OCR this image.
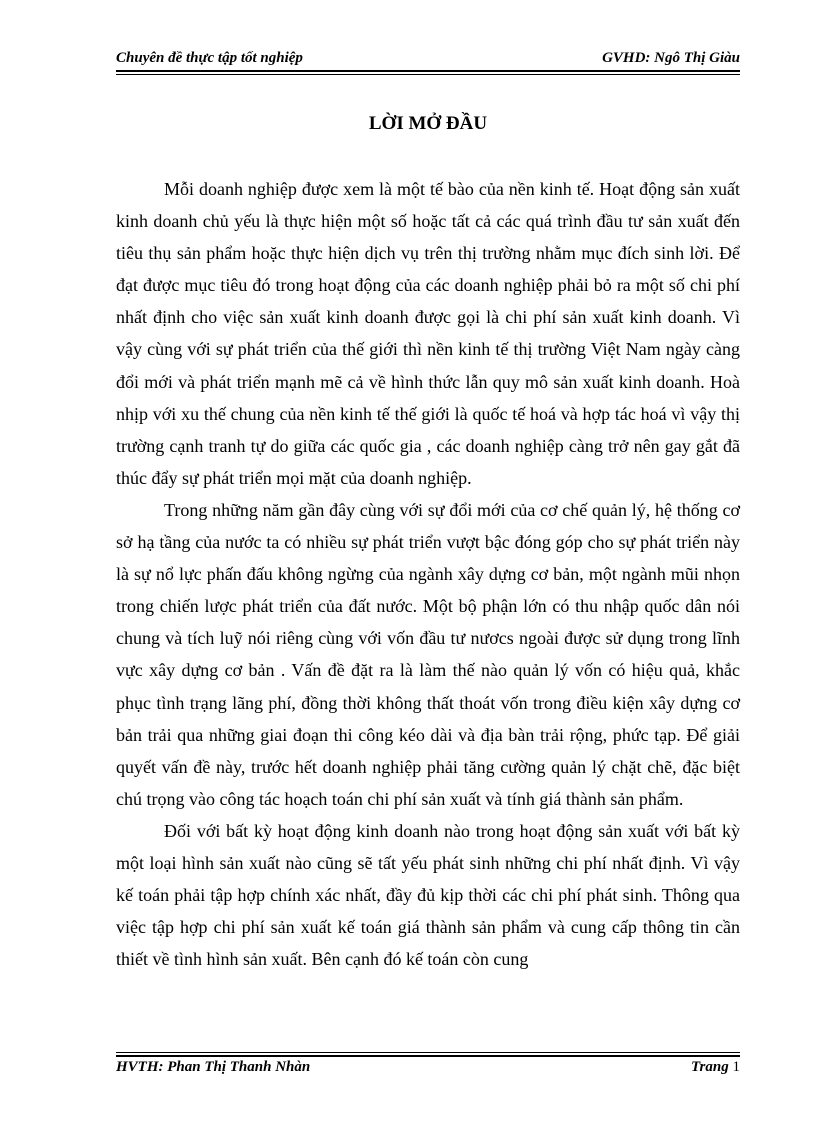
Chuyên đề thực tập tốt nghiệp	GVHD: Ngô Thị Giàu
LỜI MỞ ĐẦU

Mỗi doanh nghiệp được xem là một tế bào của nền kinh tế. Hoạt động sản xuất kinh doanh chủ yếu là thực hiện một số hoặc tất cả các quá trình đầu tư sản xuất đến tiêu thụ sản phẩm hoặc thực hiện dịch vụ trên thị trường nhằm mục đích sinh lời. Để đạt được mục tiêu đó trong hoạt động của các doanh nghiệp phải bỏ ra một số chi phí nhất định cho việc sản xuất kinh doanh được gọi là chi phí sản xuất kinh doanh. Vì vậy cùng với sự phát triển của thế giới thì nền kinh tế thị trường Việt Nam ngày càng đổi mới và phát triển mạnh mẽ cả về hình thức lẫn quy mô sản xuất kinh doanh. Hoà nhịp với xu thế chung của nền kinh tế thế giới là quốc tế hoá và hợp tác hoá vì vậy thị trường cạnh tranh tự do giữa các quốc gia , các doanh nghiệp càng trở nên gay gắt đã thúc đẩy sự phát triển mọi mặt của doanh nghiệp.

Trong những năm gần đây cùng với sự đổi mới của cơ chế quản lý, hệ thống cơ sở hạ tầng của nước ta có nhiều sự phát triển vượt bậc đóng góp cho sự phát triển này là sự nổ lực phấn đấu không ngừng của ngành xây dựng cơ bản, một ngành mũi nhọn trong chiến lược phát triển của đất nước. Một bộ phận lớn có thu nhập quốc dân nói chung và tích luỹ nói riêng cùng với vốn đầu tư nươcs ngoài được sử dụng trong lĩnh vực xây dựng cơ bản . Vấn đề đặt ra là làm thế nào quản lý vốn có hiệu quả, khắc phục tình trạng lãng phí, đồng thời không thất thoát vốn trong điều kiện xây dựng cơ bản trải qua những giai đoạn thi công kéo dài và địa bàn trải rộng, phức tạp. Để giải quyết vấn đề này, trước hết doanh nghiệp phải tăng cường quản lý chặt chẽ, đặc biệt chú trọng vào công tác hoạch toán chi phí sản xuất và tính giá thành sản phẩm.

Đối với bất kỳ hoạt động kinh doanh nào trong hoạt động sản xuất với bất kỳ một loại hình sản xuất nào cũng sẽ tất yếu phát sinh những chi phí nhất định. Vì vậy kế toán phải tập hợp chính xác nhất, đầy đủ kịp thời các chi phí phát sinh. Thông qua việc tập hợp chi phí sản xuất kế toán giá thành sản phẩm và cung cấp thông tin cần thiết về tình hình sản xuất. Bên cạnh đó kế toán còn cung

HVTH: Phan Thị Thanh Nhàn	Trang 1
